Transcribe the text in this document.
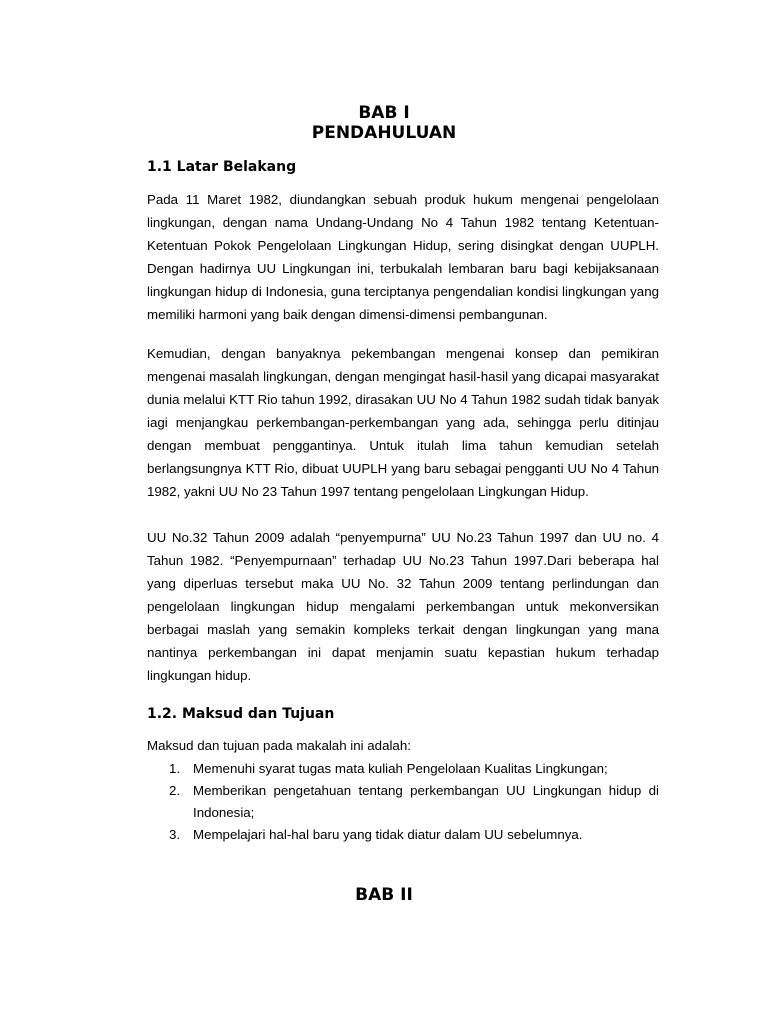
BAB I
PENDAHULUAN
1.1 Latar Belakang

Pada 11 Maret 1982, diundangkan sebuah produk hukum mengenai pengelolaan lingkungan, dengan nama Undang-Undang No 4 Tahun 1982 tentang Ketentuan-Ketentuan Pokok Pengelolaan Lingkungan Hidup, sering disingkat dengan UUPLH. Dengan hadirnya UU Lingkungan ini, terbukalah lembaran baru bagi kebijaksanaan lingkungan hidup di Indonesia, guna terciptanya pengendalian kondisi lingkungan yang memiliki harmoni yang baik dengan dimensi-dimensi pembangunan.

Kemudian, dengan banyaknya pekembangan mengenai konsep dan pemikiran mengenai masalah lingkungan, dengan mengingat hasil-hasil yang dicapai masyarakat dunia melalui KTT Rio tahun 1992, dirasakan UU No 4 Tahun 1982 sudah tidak banyak iagi menjangkau perkembangan-perkembangan yang ada, sehingga perlu ditinjau dengan membuat penggantinya. Untuk itulah lima tahun kemudian setelah berlangsungnya KTT Rio, dibuat UUPLH yang baru sebagai pengganti UU No 4 Tahun 1982, yakni UU No 23 Tahun 1997 tentang pengelolaan Lingkungan Hidup.

UU No.32 Tahun 2009 adalah “penyempurna” UU No.23 Tahun 1997 dan UU no. 4 Tahun 1982. “Penyempurnaan” terhadap UU No.23 Tahun 1997.Dari beberapa hal yang diperluas tersebut maka UU No. 32 Tahun 2009 tentang perlindungan dan pengelolaan lingkungan hidup mengalami perkembangan untuk mekonversikan berbagai maslah yang semakin kompleks terkait dengan lingkungan yang mana nantinya perkembangan ini dapat menjamin suatu kepastian hukum terhadap lingkungan hidup.

1.2. Maksud dan Tujuan

Maksud dan tujuan pada makalah ini adalah:

1. Memenuhi syarat tugas mata kuliah Pengelolaan Kualitas Lingkungan;
2. Memberikan pengetahuan tentang perkembangan UU Lingkungan hidup di Indonesia;
3. Mempelajari hal-hal baru yang tidak diatur dalam UU sebelumnya.
BAB II
